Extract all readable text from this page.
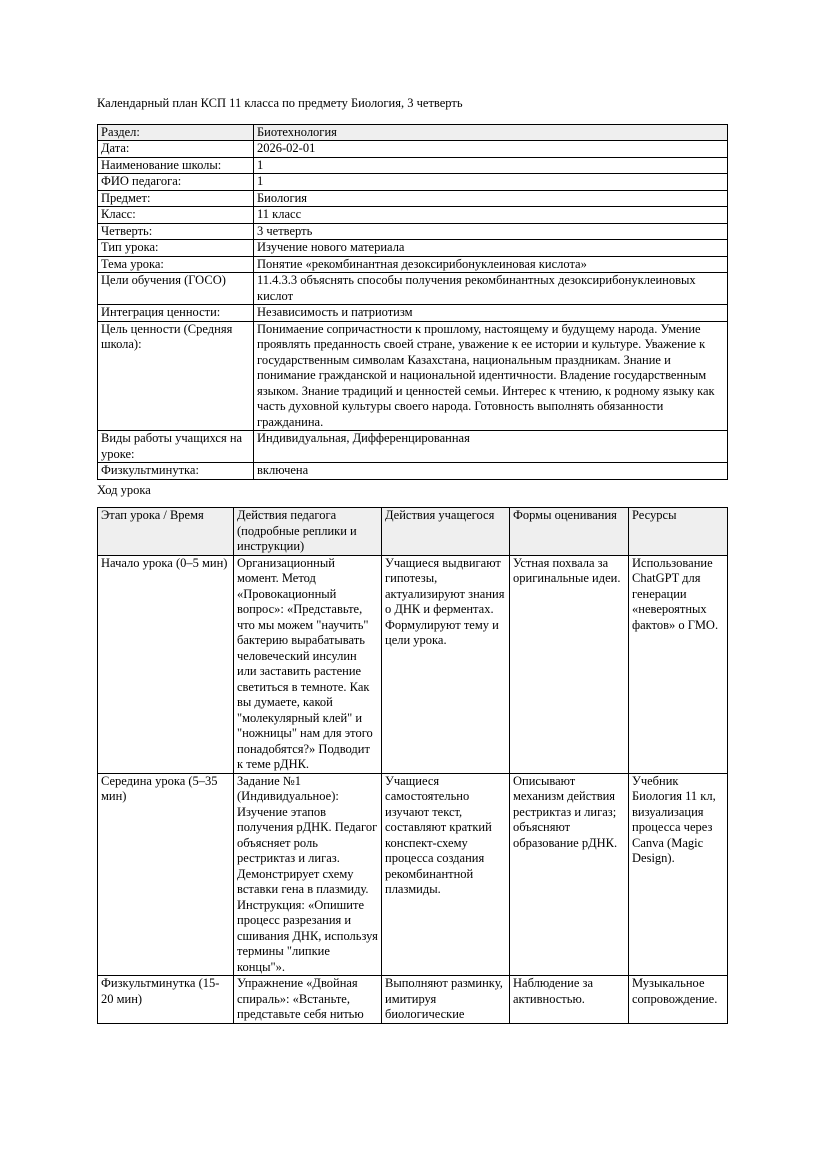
Календарный план КСП 11 класса по предмету Биология, 3 четверть
Раздел:	Биотехнология
Дата:	2026-02-01
Наименование школы:	1
ФИО педагога:	1
Предмет:	Биология
Класс:	11 класс
Четверть:	3 четверть
Тип урока:	Изучение нового материала
Тема урока:	Понятие «рекомбинантная дезоксирибонуклеиновая кислота»
Цели обучения (ГОСО)	11.4.3.3 объяснять способы получения рекомбинантных дезоксирибонуклеиновых кислот
Интеграция ценности:	Независимость и патриотизм
Цель ценности (Средняя школа):	Понимаение сопричастности к прошлому, настоящему и будущему народа. Умение проявлять преданность своей стране, уважение к ее истории и культуре. Уважение к государственным символам Казахстана, национальным праздникам. Знание и понимание гражданской и национальной идентичности. Владение государственным языком. Знание традиций и ценностей семьи. Интерес к чтению, к родному языку как часть духовной культуры своего народа. Готовность выполнять обязанности гражданина.
Виды работы учащихся на уроке:	Индивидуальная, Дифференцированная
Физкультминутка:	включена
Ход урока
Этап урока / Время	Действия педагога (подробные реплики и инструкции)	Действия учащегося	Формы оценивания	Ресурсы
Начало урока (0–5 мин)	Организационный момент. Метод «Провокационный вопрос»: «Представьте, что мы можем "научить" бактерию вырабатывать человеческий инсулин или заставить растение светиться в темноте. Как вы думаете, какой "молекулярный клей" и "ножницы" нам для этого понадобятся?» Подводит к теме рДНК.	Учащиеся выдвигают гипотезы, актуализируют знания о ДНК и ферментах. Формулируют тему и цели урока.	Устная похвала за оригинальные идеи.	Использование ChatGPT для генерации «невероятных фактов» о ГМО.
Середина урока (5–35 мин)	Задание №1 (Индивидуальное): Изучение этапов получения рДНК. Педагог объясняет роль рестриктаз и лигаз. Демонстрирует схему вставки гена в плазмиду. Инструкция: «Опишите процесс разрезания и сшивания ДНК, используя термины "липкие концы"».	Учащиеся самостоятельно изучают текст, составляют краткий конспект-схему процесса создания рекомбинантной плазмиды.	Описывают механизм действия рестриктаз и лигаз; объясняют образование рДНК.	Учебник Биология 11 кл, визуализация процесса через Canva (Magic Design).
Физкультминутка (15-20 мин)	Упражнение «Двойная спираль»: «Встаньте, представьте себя нитью	Выполняют разминку, имитируя биологические	Наблюдение за активностью.	Музыкальное сопровождение.
